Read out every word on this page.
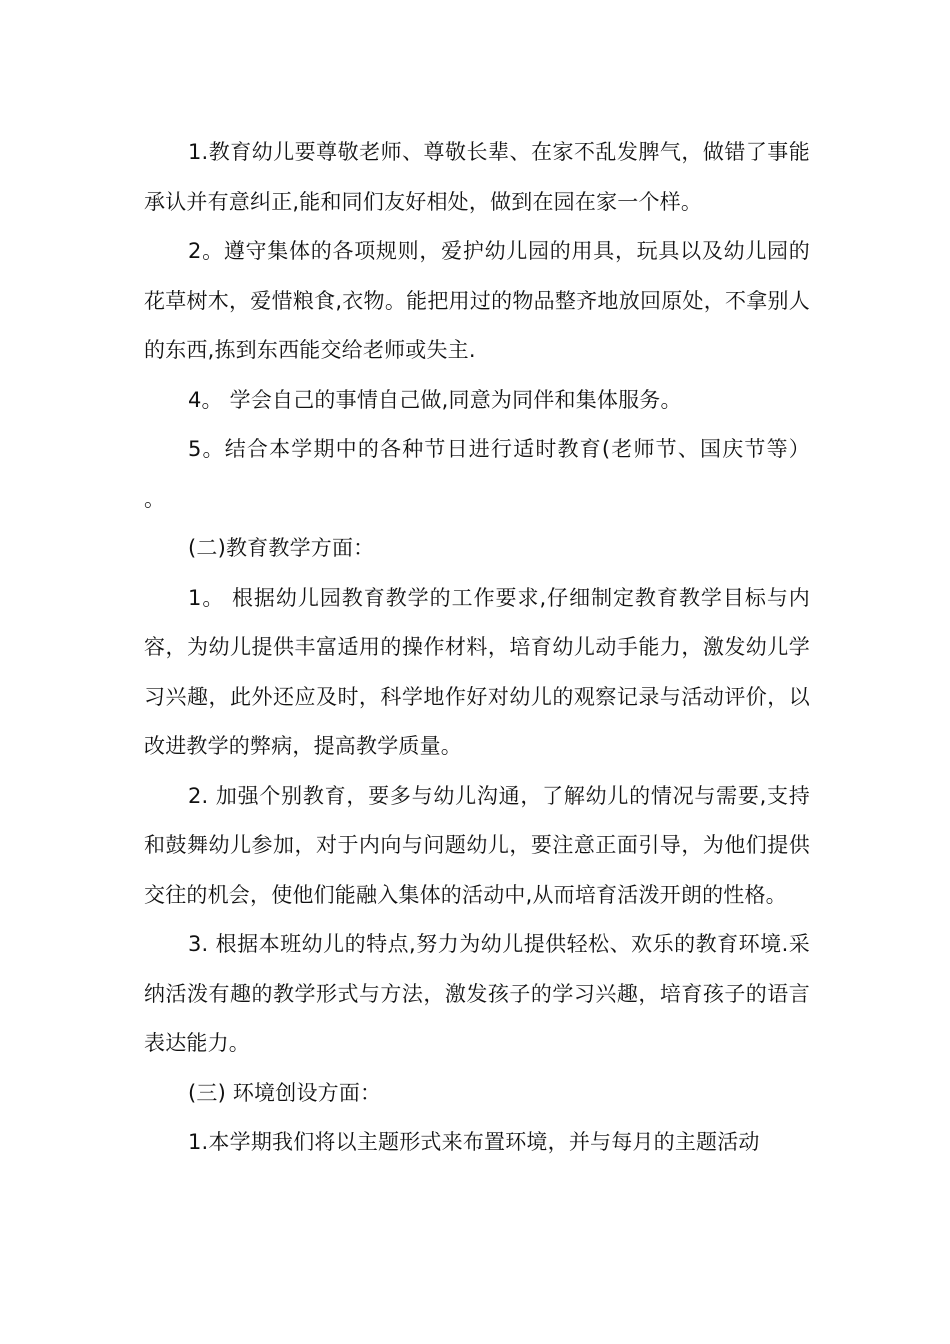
1.教育幼儿要尊敬老师、尊敬长辈、在家不乱发脾气，做错了事能承认并有意纠正,能和同们友好相处，做到在园在家一个样。

2。遵守集体的各项规则，爱护幼儿园的用具，玩具以及幼儿园的花草树木，爱惜粮食,衣物。能把用过的物品整齐地放回原处，不拿别人的东西,拣到东西能交给老师或失主.

4。 学会自己的事情自己做,同意为同伴和集体服务。

5。结合本学期中的各种节日进行适时教育(老师节、国庆节等） 。

(二)教育教学方面：

1。 根据幼儿园教育教学的工作要求,仔细制定教育教学目标与内容，为幼儿提供丰富适用的操作材料，培育幼儿动手能力，激发幼儿学习兴趣，此外还应及时，科学地作好对幼儿的观察记录与活动评价，以改进教学的弊病，提高教学质量。

2. 加强个别教育，要多与幼儿沟通，了解幼儿的情况与需要,支持和鼓舞幼儿参加，对于内向与问题幼儿，要注意正面引导，为他们提供交往的机会，使他们能融入集体的活动中,从而培育活泼开朗的性格。

3. 根据本班幼儿的特点,努力为幼儿提供轻松、欢乐的教育环境.采纳活泼有趣的教学形式与方法，激发孩子的学习兴趣，培育孩子的语言表达能力。

(三) 环境创设方面：

1.本学期我们将以主题形式来布置环境，并与每月的主题活动
